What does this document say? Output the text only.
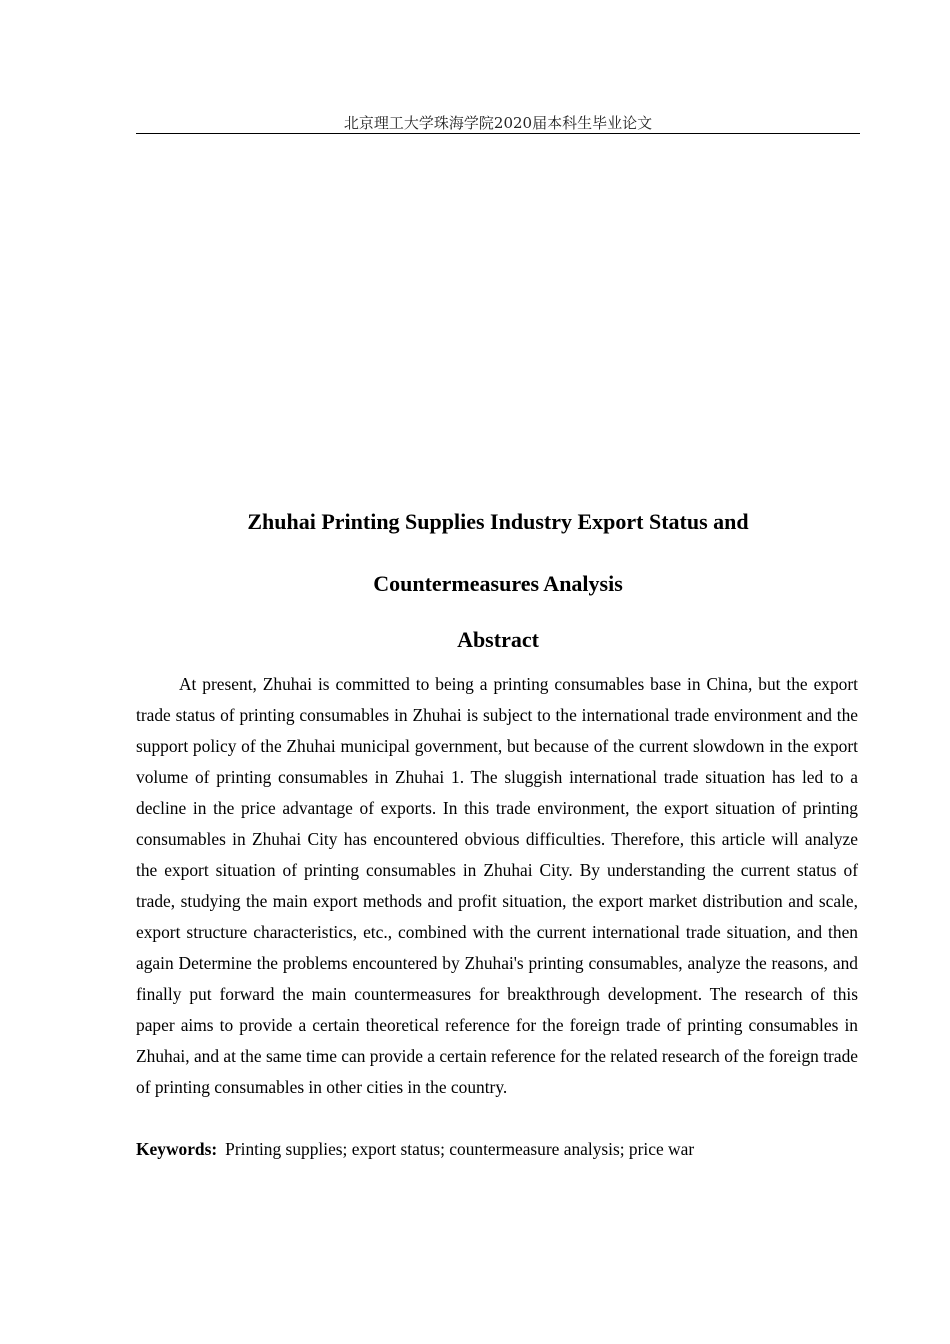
北京理工大学珠海学院2020届本科生毕业论文
Zhuhai Printing Supplies Industry Export Status and
Countermeasures Analysis
Abstract

At present, Zhuhai is committed to being a printing consumables base in China, but the export trade status of printing consumables in Zhuhai is subject to the international trade environment and the support policy of the Zhuhai municipal government, but because of the current slowdown in the export volume of printing consumables in Zhuhai 1. The sluggish international trade situation has led to a decline in the price advantage of exports. In this trade environment, the export situation of printing consumables in Zhuhai City has encountered obvious difficulties. Therefore, this article will analyze the export situation of printing consumables in Zhuhai City. By understanding the current status of trade, studying the main export methods and profit situation, the export market distribution and scale, export structure characteristics, etc., combined with the current international trade situation, and then again Determine the problems encountered by Zhuhai's printing consumables, analyze the reasons, and finally put forward the main countermeasures for breakthrough development. The research of this paper aims to provide a certain theoretical reference for the foreign trade of printing consumables in Zhuhai, and at the same time can provide a certain reference for the related research of the foreign trade of printing consumables in other cities in the country.

Keywords: Printing supplies; export status; countermeasure analysis; price war
